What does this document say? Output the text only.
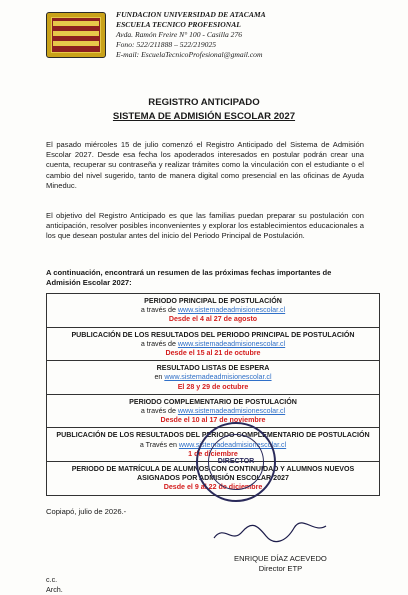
FUNDACION UNIVERSIDAD DE ATACAMA
ESCUELA TECNICO PROFESIONAL
Avda. Ramón Freire N° 100 - Casilla 276
Fono: 522/211888 – 522/219025
E-mail: EscuelaTecnicoProfesional@gmail.com
REGISTRO ANTICIPADO
SISTEMA DE ADMISIÓN ESCOLAR 2027
El pasado miércoles 15 de julio comenzó el Registro Anticipado del Sistema de Admisión Escolar 2027. Desde esa fecha los apoderados interesados en postular podrán crear una cuenta, recuperar su contraseña y realizar trámites como la vinculación con el estudiante o el cambio del nivel sugerido, tanto de manera digital como presencial en las oficinas de Ayuda Mineduc.
El objetivo del Registro Anticipado es que las familias puedan preparar su postulación con anticipación, resolver posibles inconvenientes y explorar los establecimientos educacionales a los que desean postular antes del inicio del Periodo Principal de Postulación.
A continuación, encontrará un resumen de las próximas fechas importantes de Admisión Escolar 2027:
PERIODO PRINCIPAL DE POSTULACIÓN
a través de www.sistemadeadmisionescolar.cl
Desde el 4 al 27 de agosto
PUBLICACIÓN DE LOS RESULTADOS DEL PERIODO PRINCIPAL DE POSTULACIÓN
a través de www.sistemadeadmisionescolar.cl
Desde el 15 al 21 de octubre
RESULTADO LISTAS DE ESPERA
en www.sistemadeadmisionescolar.cl
El 28 y 29 de octubre
PERIODO COMPLEMENTARIO DE POSTULACIÓN
a través de www.sistemadeadmisionescolar.cl
Desde el 10 al 17 de noviembre
PUBLICACIÓN DE LOS RESULTADOS DEL PERIODO COMPLEMENTARIO DE POSTULACIÓN
a Través en www.sistemadeadmisionescolar.cl
1 de diciembre
PERIODO DE MATRÍCULA DE ALUMNOS CON CONTINUIDAD Y ALUMNOS NUEVOS ASIGNADOS POR ADMISIÓN ESCOLAR 2027
Desde el 9 al 22 de diciembre
Copiapó, julio de 2026.-
DIRECTOR
ENRIQUE DÍAZ ACEVEDO
Director ETP
c.c.
Arch.
